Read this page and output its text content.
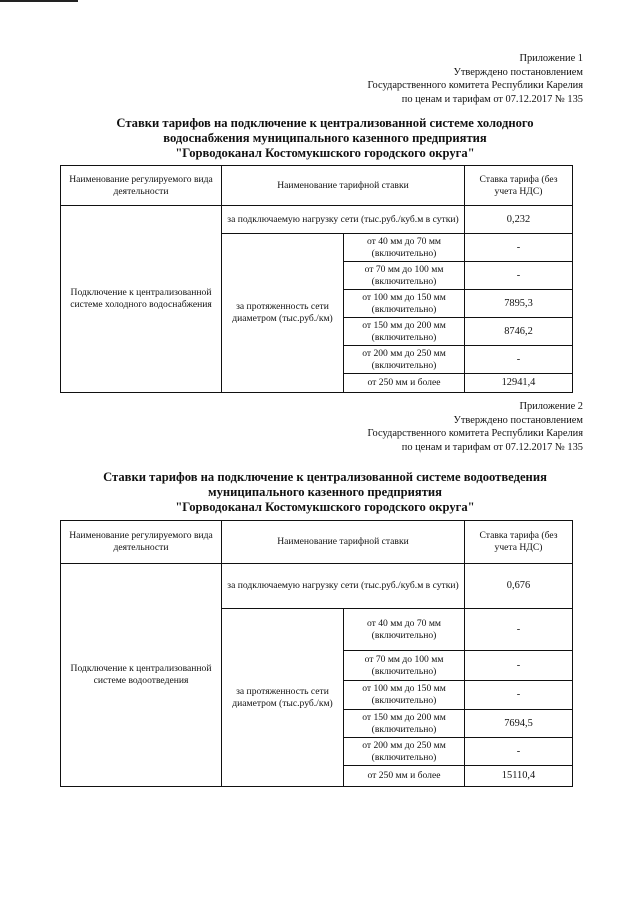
Приложение 1
Утверждено постановлением
Государственного комитета Республики Карелия
по ценам и тарифам от 07.12.2017 № 135
Ставки тарифов на подключение к централизованной системе холодного
водоснабжения муниципального казенного предприятия
"Горводоканал Костомукшского городского округа"
Наименование регулируемого вида деятельности	Наименование тарифной ставки		Ставка тарифа (без учета НДС)
Подключение к централизованной системе холодного водоснабжения	за подключаемую нагрузку сети (тыс.руб./куб.м в сутки)		0,232
	за протяженность сети диаметром (тыс.руб./км)	от 40 мм до 70 мм (включительно)	-
		от 70 мм до 100 мм (включительно)	-
		от 100 мм до 150 мм (включительно)	7895,3
		от 150 мм до 200 мм (включительно)	8746,2
		от 200 мм до 250 мм (включительно)	-
		от 250 мм и более	12941,4
Приложение 2
Утверждено постановлением
Государственного комитета Республики Карелия
по ценам и тарифам от 07.12.2017 № 135
Ставки тарифов на подключение к централизованной системе водоотведения
муниципального казенного предприятия
"Горводоканал Костомукшского городского округа"
Наименование регулируемого вида деятельности	Наименование тарифной ставки		Ставка тарифа (без учета НДС)
Подключение к централизованной системе водоотведения	за подключаемую нагрузку сети (тыс.руб./куб.м в сутки)		0,676
	за протяженность сети диаметром (тыс.руб./км)	от 40 мм до 70 мм (включительно)	-
		от 70 мм до 100 мм (включительно)	-
		от 100 мм до 150 мм (включительно)	-
		от 150 мм до 200 мм (включительно)	7694,5
		от 200 мм до 250 мм (включительно)	-
		от 250 мм и более	15110,4
